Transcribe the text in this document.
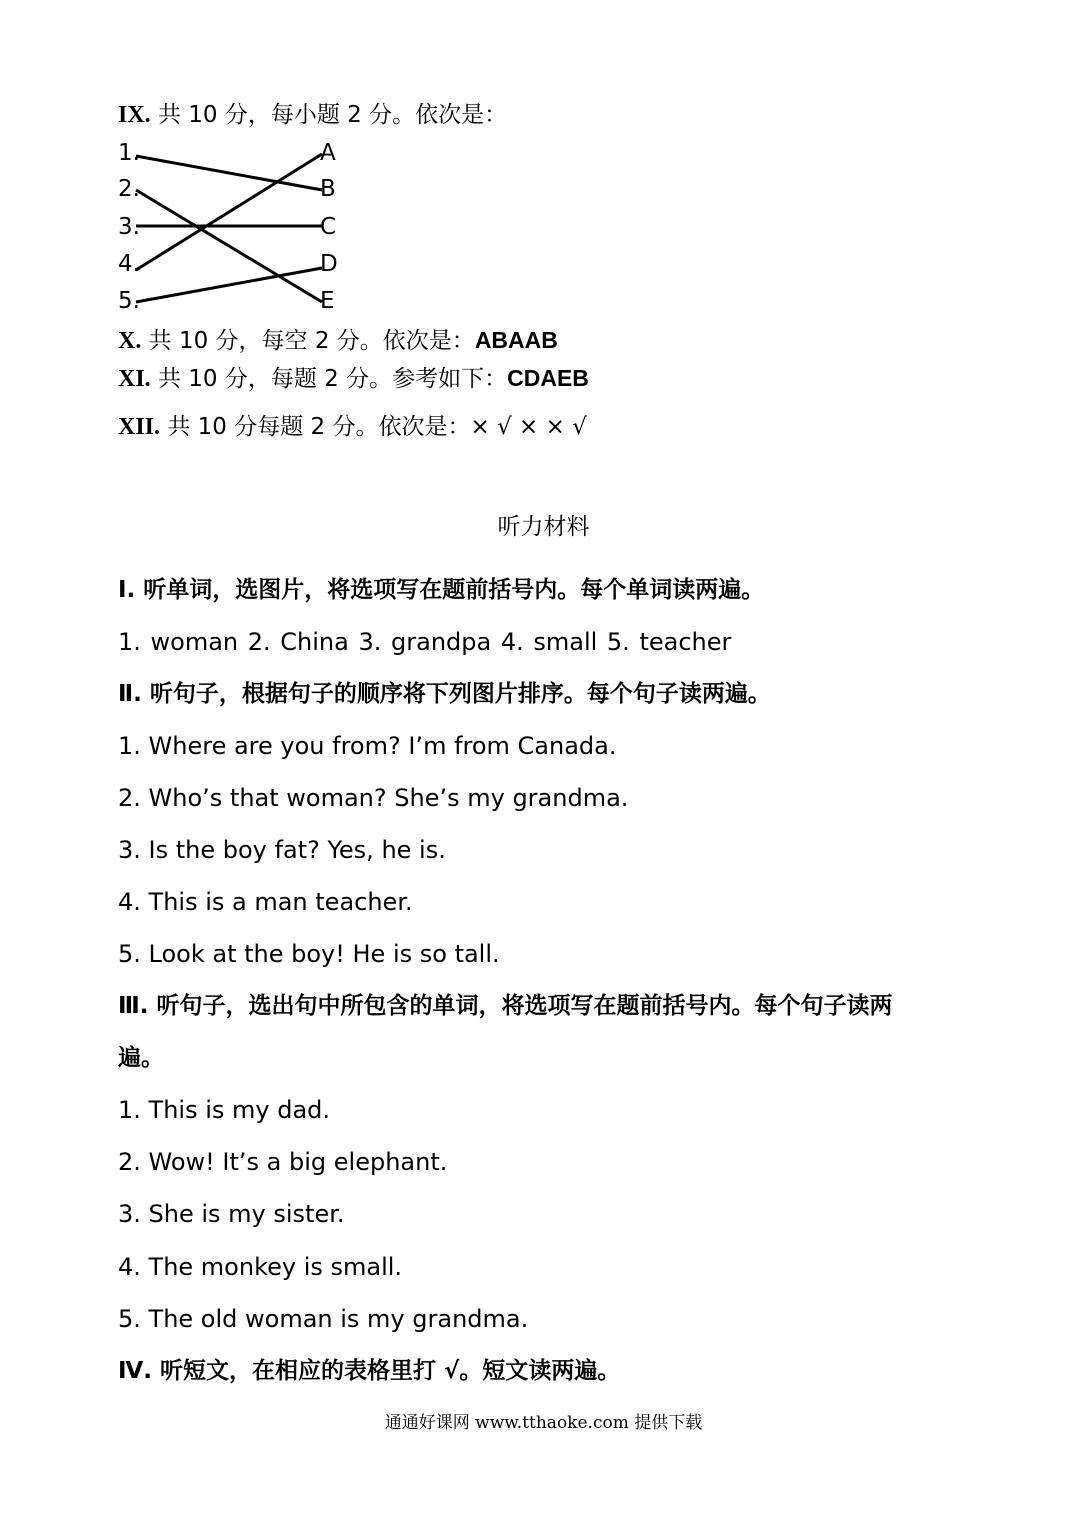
IX. 共 10 分，每小题 2 分。依次是：
1.
2.
3.
4.
5.
A
B
C
D
E
X. 共 10 分，每空 2 分。依次是：ABAAB
XI. 共 10 分，每题 2 分。参考如下：CDAEB
XII. 共 10 分每题 2 分。依次是：× √ × × √
听力材料
Ⅰ. 听单词，选图片，将选项写在题前括号内。每个单词读两遍。
1. woman 2. China 3. grandpa 4. small 5. teacher
Ⅱ. 听句子，根据句子的顺序将下列图片排序。每个句子读两遍。
1. Where are you from? I’m from Canada.
2. Who’s that woman? She’s my grandma.
3. Is the boy fat? Yes, he is.
4. This is a man teacher.
5. Look at the boy! He is so tall.
Ⅲ. 听句子，选出句中所包含的单词，将选项写在题前括号内。每个句子读两
遍。
1. This is my dad.
2. Wow! It’s a big elephant.
3. She is my sister.
4. The monkey is small.
5. The old woman is my grandma.
Ⅳ. 听短文，在相应的表格里打 √。短文读两遍。
通通好课网 www.tthaoke.com 提供下载
